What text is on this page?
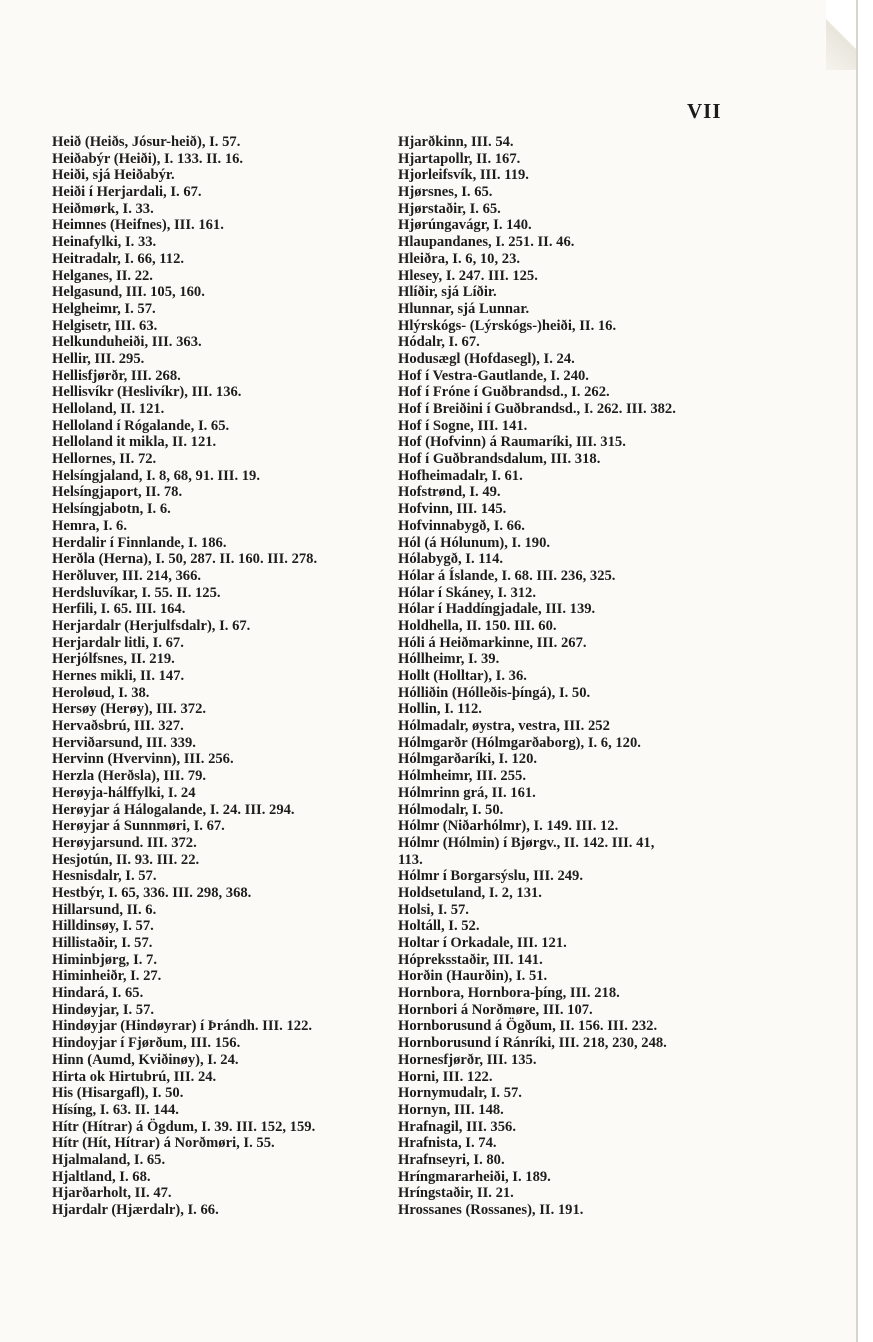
VII
Heið (Heiðs, Jósur-heið), I. 57.
Heiðabýr (Heiði), I. 133. II. 16.
Heiði, sjá Heiðabýr.
Heiði í Herjardali, I. 67.
Heiðmørk, I. 33.
Heimnes (Heifnes), III. 161.
Heinafylki, I. 33.
Heitradalr, I. 66, 112.
Helganes, II. 22.
Helgasund, III. 105, 160.
Helgheimr, I. 57.
Helgisetr, III. 63.
Helkunduheiði, III. 363.
Hellir, III. 295.
Hellisfjørðr, III. 268.
Hellisvíkr (Heslivíkr), III. 136.
Helloland, II. 121.
Helloland í Rógalande, I. 65.
Helloland it mikla, II. 121.
Hellornes, II. 72.
Helsíngjaland, I. 8, 68, 91. III. 19.
Helsíngjaport, II. 78.
Helsíngjabotn, I. 6.
Hemra, I. 6.
Herdalir í Finnlande, I. 186.
Herðla (Herna), I. 50, 287. II. 160. III. 278.
Herðluver, III. 214, 366.
Herdsluvíkar, I. 55. II. 125.
Herfili, I. 65. III. 164.
Herjardalr (Herjulfsdalr), I. 67.
Herjardalr litli, I. 67.
Herjólfsnes, II. 219.
Hernes mikli, II. 147.
Heroløud, I. 38.
Hersøy (Herøy), III. 372.
Hervaðsbrú, III. 327.
Herviðarsund, III. 339.
Hervinn (Hvervinn), III. 256.
Herzla (Herðsla), III. 79.
Herøyja-hálffylki, I. 24
Herøyjar á Hálogalande, I. 24. III. 294.
Herøyjar á Sunnmøri, I. 67.
Herøyjarsund. III. 372.
Hesjotún, II. 93. III. 22.
Hesnisdalr, I. 57.
Hestbýr, I. 65, 336. III. 298, 368.
Hillarsund, II. 6.
Hilldinsøy, I. 57.
Hillistaðir, I. 57.
Himinbjørg, I. 7.
Himinheiðr, I. 27.
Hindará, I. 65.
Hindøyjar, I. 57.
Hindøyjar (Hindøyrar) í Þrándh. III. 122.
Hindoyjar í Fjørðum, III. 156.
Hinn (Aumd, Kviðinøy), I. 24.
Hirta ok Hirtubrú, III. 24.
His (Hisargafl), I. 50.
Hísíng, I. 63. II. 144.
Hítr (Hítrar) á Ögdum, I. 39. III. 152, 159.
Hítr (Hít, Hítrar) á Norðmøri, I. 55.
Hjalmaland, I. 65.
Hjaltland, I. 68.
Hjarðarholt, II. 47.
Hjardalr (Hjærdalr), I. 66.
Hjarðkinn, III. 54.
Hjartapollr, II. 167.
Hjorleifsvík, III. 119.
Hjørsnes, I. 65.
Hjørstaðir, I. 65.
Hjørúngavágr, I. 140.
Hlaupandanes, I. 251. II. 46.
Hleiðra, I. 6, 10, 23.
Hlesey, I. 247. III. 125.
Hlíðir, sjá Líðir.
Hlunnar, sjá Lunnar.
Hlýrskógs- (Lýrskógs-)heiði, II. 16.
Hódalr, I. 67.
Hodusægl (Hofdasegl), I. 24.
Hof í Vestra-Gautlande, I. 240.
Hof í Fróne í Guðbrandsd., I. 262.
Hof í Breiðini í Guðbrandsd., I. 262. III. 382.
Hof í Sogne, III. 141.
Hof (Hofvinn) á Raumaríki, III. 315.
Hof í Guðbrandsdalum, III. 318.
Hofheimadalr, I. 61.
Hofstrønd, I. 49.
Hofvinn, III. 145.
Hofvinnabygð, I. 66.
Hól (á Hólunum), I. 190.
Hólabygð, I. 114.
Hólar á Íslande, I. 68. III. 236, 325.
Hólar í Skáney, I. 312.
Hólar í Haddíngjadale, III. 139.
Holdhella, II. 150. III. 60.
Hóli á Heiðmarkinne, III. 267.
Hóllheimr, I. 39.
Hollt (Holltar), I. 36.
Hólliðin (Hólleðis-þíngá), I. 50.
Hollin, I. 112.
Hólmadalr, øystra, vestra, III. 252
Hólmgarðr (Hólmgarðaborg), I. 6, 120.
Hólmgarðaríki, I. 120.
Hólmheimr, III. 255.
Hólmrinn grá, II. 161.
Hólmodalr, I. 50.
Hólmr (Niðarhólmr), I. 149. III. 12.
Hólmr (Hólmin) í Bjørgv., II. 142. III. 41,
113.
Hólmr í Borgarsýslu, III. 249.
Holdsetuland, I. 2, 131.
Holsi, I. 57.
Holtáll, I. 52.
Holtar í Orkadale, III. 121.
Hópreksstaðir, III. 141.
Horðin (Haurðin), I. 51.
Hornbora, Hornbora-þíng, III. 218.
Hornbori á Norðmøre, III. 107.
Hornborusund á Ögðum, II. 156. III. 232.
Hornborusund í Ránríki, III. 218, 230, 248.
Hornesfjørðr, III. 135.
Horni, III. 122.
Hornymudalr, I. 57.
Hornyn, III. 148.
Hrafnagil, III. 356.
Hrafnista, I. 74.
Hrafnseyri, I. 80.
Hríngmararheiði, I. 189.
Hríngstaðir, II. 21.
Hrossanes (Rossanes), II. 191.
